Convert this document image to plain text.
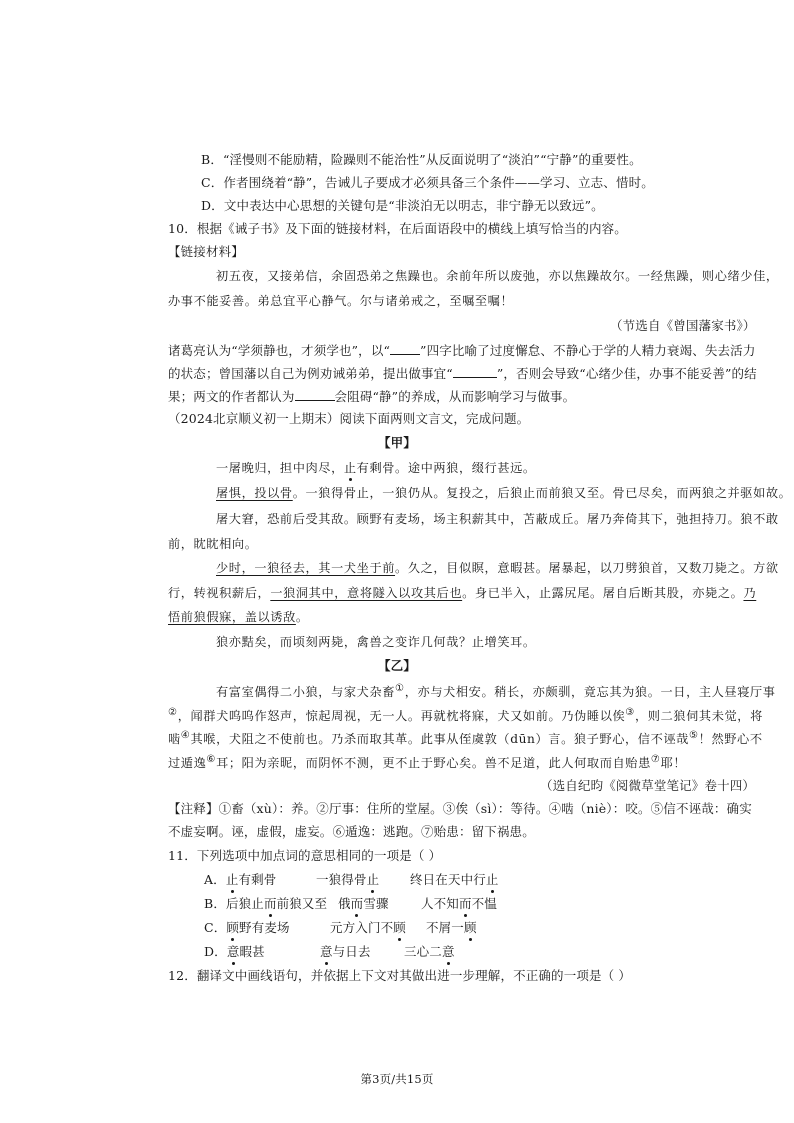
B．“淫慢则不能励精，险躁则不能治性”从反面说明了“淡泊”“宁静”的重要性。
C．作者围绕着“静”，告诫儿子要成才必须具备三个条件——学习、立志、惜时。
D．文中表达中心思想的关键句是“非淡泊无以明志，非宁静无以致远”。
10．根据《诫子书》及下面的链接材料，在后面语段中的横线上填写恰当的内容。
【链接材料】
初五夜，又接弟信，余固恐弟之焦躁也。余前年所以废弛，亦以焦躁故尔。一经焦躁，则心绪少佳，
办事不能妥善。弟总宜平心静气。尔与诸弟戒之，至嘱至嘱！
（节选自《曾国藩家书》）
诸葛亮认为“学须静也，才须学也”，以“ ”四字比喻了过度懈怠、不静心于学的人精力衰竭、失去活力
的状态；曾国藩以自己为例劝诫弟弟，提出做事宜“	”，否则会导致“心绪少佳，办事不能妥善”的结
果；两文的作者都认为	会阻碍“静”的养成，从而影响学习与做事。
（2024北京顺义初一上期末）阅读下面两则文言文，完成问题。
【甲】
一屠晚归，担中肉尽，止有剩骨。途中两狼，缀行甚远。
屠惧，投以骨。一狼得骨止，一狼仍从。复投之，后狼止而前狼又至。骨已尽矣，而两狼之并驱如故。
屠大窘，恐前后受其敌。顾野有麦场，场主积薪其中，苫蔽成丘。屠乃奔倚其下，弛担持刀。狼不敢
前，眈眈相向。
少时，一狼径去，其一犬坐于前。久之，目似瞑，意暇甚。屠暴起，以刀劈狼首，又数刀毙之。方欲
行，转视积薪后，一狼洞其中，意将隧入以攻其后也。身已半入，止露尻尾。屠自后断其股，亦毙之。乃
悟前狼假寐，盖以诱敌。
狼亦黠矣，而顷刻两毙，禽兽之变诈几何哉？止增笑耳。
【乙】
有富室偶得二小狼，与家犬杂畜①，亦与犬相安。稍长，亦颇驯，竟忘其为狼。一日，主人昼寝厅事
②，闻群犬呜呜作怒声，惊起周视，无一人。再就枕将寐，犬又如前。乃伪睡以俟③，则二狼伺其未觉，将
啮④其喉，犬阻之不使前也。乃杀而取其革。此事从侄虞敦（dūn）言。狼子野心，信不诬哉⑤！然野心不
过遁逸⑥耳；阳为亲昵，而阴怀不测，更不止于野心矣。兽不足道，此人何取而自贻患⑦耶！
（选自纪昀《阅微草堂笔记》卷十四）
【注释】①畜（xù）：养。②厅事：住所的堂屋。③俟（sì）：等待。④啮（niè）：咬。⑤信不诬哉：确实
不虚妄啊。诬，虚假，虚妄。⑥遁逸：逃跑。⑦贻患：留下祸患。
11．下列选项中加点词的意思相同的一项是（ ）
A．止有剩骨	一狼得骨止 终日在天中行止
B．后狼止而前狼又至 俄而雪骤	人不知而不愠
C．顾野有麦场	元方入门不顾 不屑一顾
D．意暇甚	意与日去	三心二意
12．翻译文中画线语句，并依据上下文对其做出进一步理解，不正确的一项是（ ）
第3页/共15页
